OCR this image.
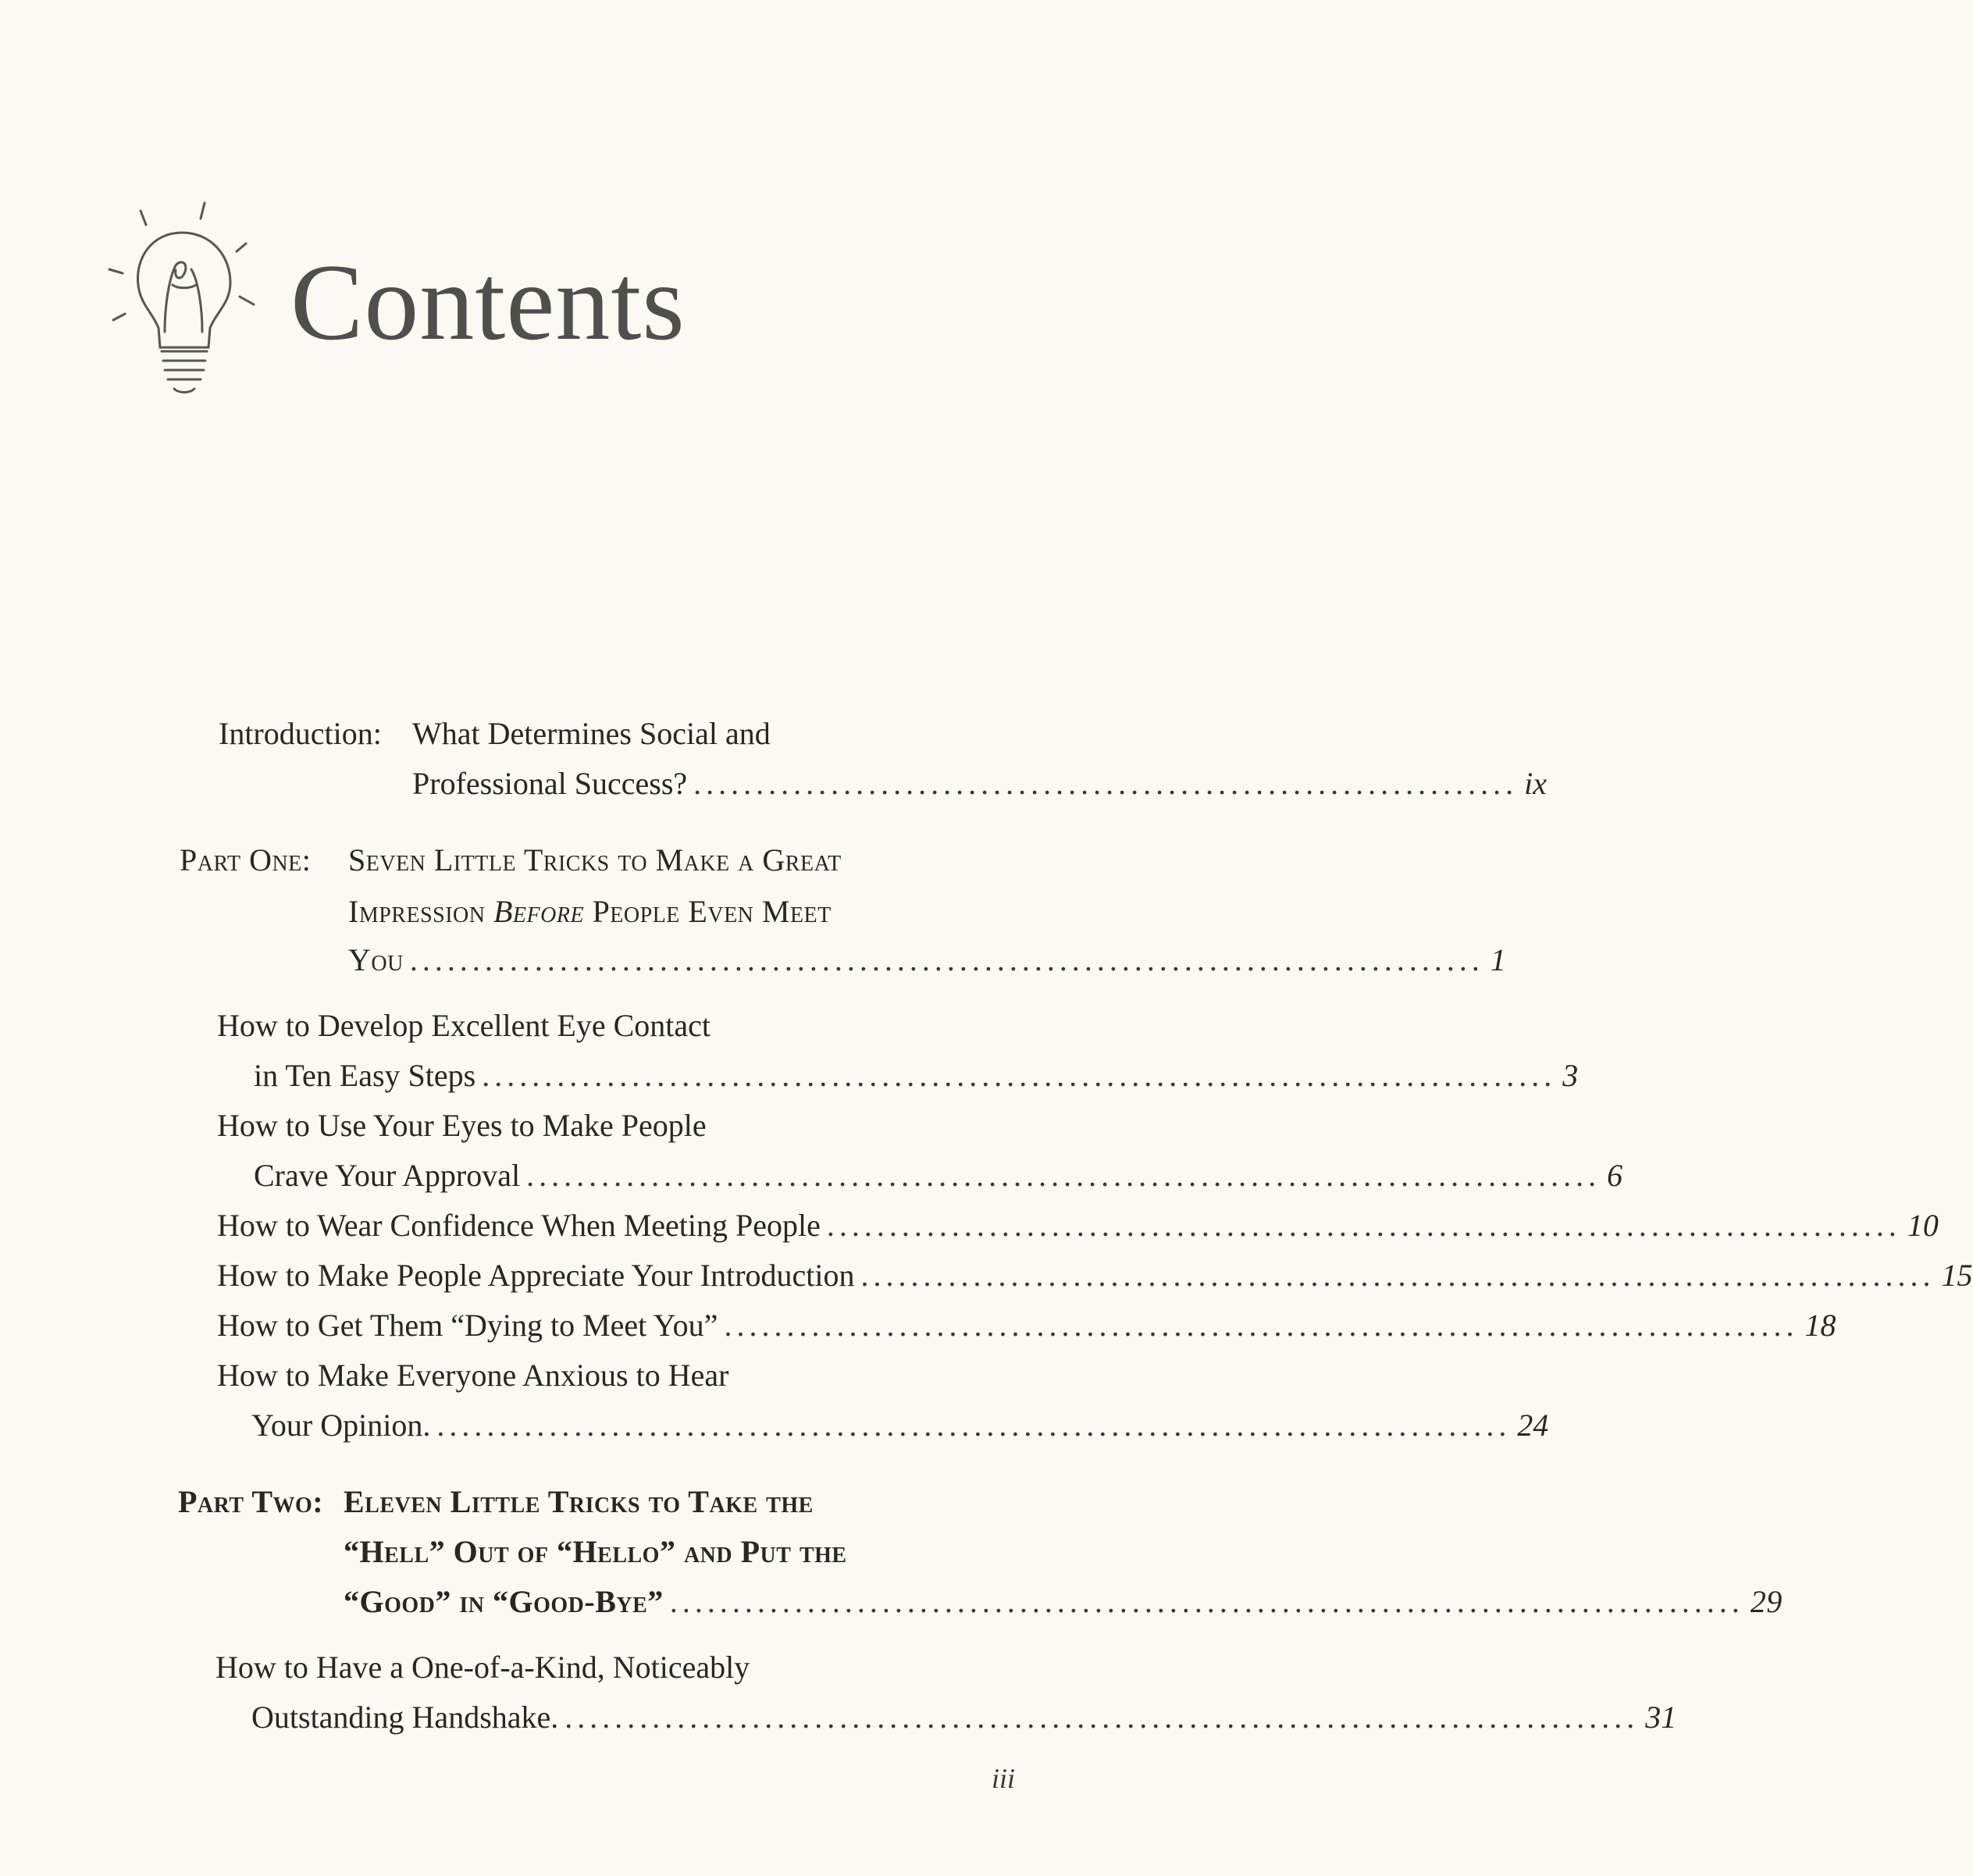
Contents
Introduction: What Determines Social and
Professional Success? .................................................................. ix
Part One: Seven Little Tricks to Make a Great
Impression Before People Even Meet
You ...................................................................................... 1
How to Develop Excellent Eye Contact
in Ten Easy Steps ...................................................................................... 3
How to Use Your Eyes to Make People
Crave Your Approval ...................................................................................... 6
How to Wear Confidence When Meeting People ...................................................................................... 10
How to Make People Appreciate Your Introduction ...................................................................................... 15
How to Get Them “Dying to Meet You” ...................................................................................... 18
How to Make Everyone Anxious to Hear
Your Opinion. ...................................................................................... 24
Part Two: Eleven Little Tricks to Take the
“Hell” Out of “Hello” and Put the
“Good” in “Good-Bye” ...................................................................................... 29
How to Have a One-of-a-Kind, Noticeably
Outstanding Handshake. ...................................................................................... 31
iii
